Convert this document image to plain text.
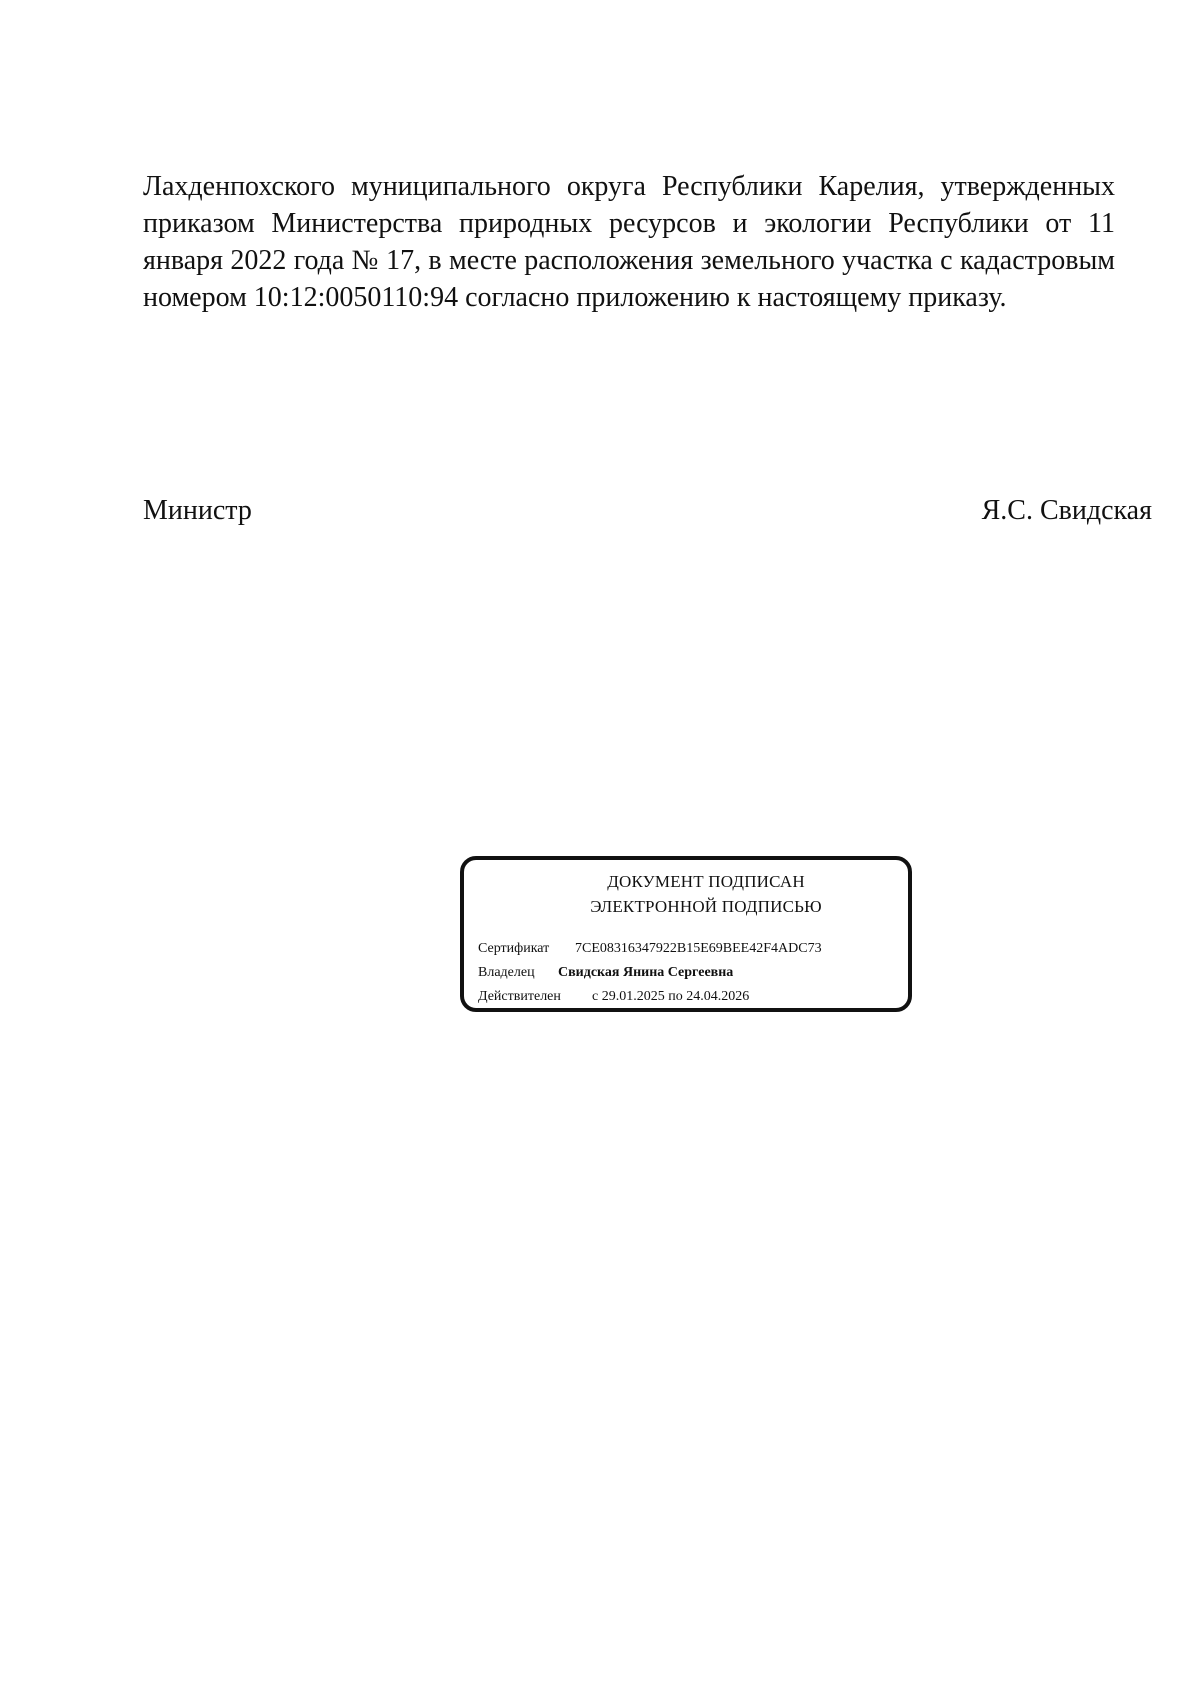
Лахденпохского муниципального округа Республики Карелия, утвержденных приказом Министерства природных ресурсов и экологии Республики от 11 января 2022 года № 17, в месте расположения земельного участка с кадастровым номером 10:12:0050110:94 согласно приложению к настоящему приказу.

Министр	Я.С. Свидская
ДОКУМЕНТ ПОДПИСАН
ЭЛЕКТРОННОЙ ПОДПИСЬЮ
Сертификат 7CE08316347922B15E69BEE42F4ADC73
Владелец Свидская Янина Сергеевна
Действителен с 29.01.2025 по 24.04.2026
